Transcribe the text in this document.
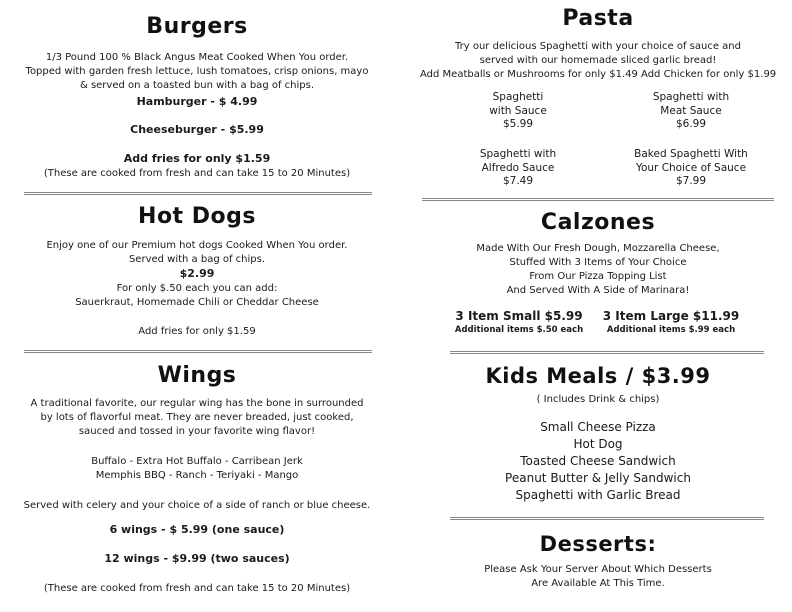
Burgers
1/3 Pound 100 % Black Angus Meat Cooked When You order.
Topped with garden fresh lettuce, lush tomatoes, crisp onions, mayo
& served on a toasted bun with a bag of chips.
Hamburger - $ 4.99
Cheeseburger - $5.99
Add fries for only $1.59
(These are cooked from fresh and can take 15 to 20 Minutes)
Hot Dogs
Enjoy one of our Premium hot dogs Cooked When You order.
Served with a bag of chips.
$2.99
For only $.50 each you can add:
Sauerkraut, Homemade Chili or Cheddar Cheese
Add fries for only $1.59
Wings
A traditional favorite, our regular wing has the bone in surrounded
by lots of flavorful meat. They are never breaded, just cooked,
sauced and tossed in your favorite wing flavor!
Buffalo - Extra Hot Buffalo - Carribean Jerk
Memphis BBQ - Ranch - Teriyaki - Mango
Served with celery and your choice of a side of ranch or blue cheese.
6 wings - $ 5.99 (one sauce)
12 wings - $9.99 (two sauces)
(These are cooked from fresh and can take 15 to 20 Minutes)
Pasta
Try our delicious Spaghetti with your choice of sauce and
served with our homemade sliced garlic bread!
Add Meatballs or Mushrooms for only $1.49 Add Chicken for only $1.99
Spaghetti
with Sauce
$5.99
Spaghetti with
Meat Sauce
$6.99
Spaghetti with
Alfredo Sauce
$7.49
Baked Spaghetti With
Your Choice of Sauce
$7.99
Calzones
Made With Our Fresh Dough, Mozzarella Cheese,
Stuffed With 3 Items of Your Choice
From Our Pizza Topping List
And Served With A Side of Marinara!
3 Item Small $5.99
Additional items $.50 each
3 Item Large $11.99
Additional items $.99 each
Kids Meals / $3.99
( Includes Drink & chips)
Small Cheese Pizza
Hot Dog
Toasted Cheese Sandwich
Peanut Butter & Jelly Sandwich
Spaghetti with Garlic Bread
Desserts:
Please Ask Your Server About Which Desserts
Are Available At This Time.
